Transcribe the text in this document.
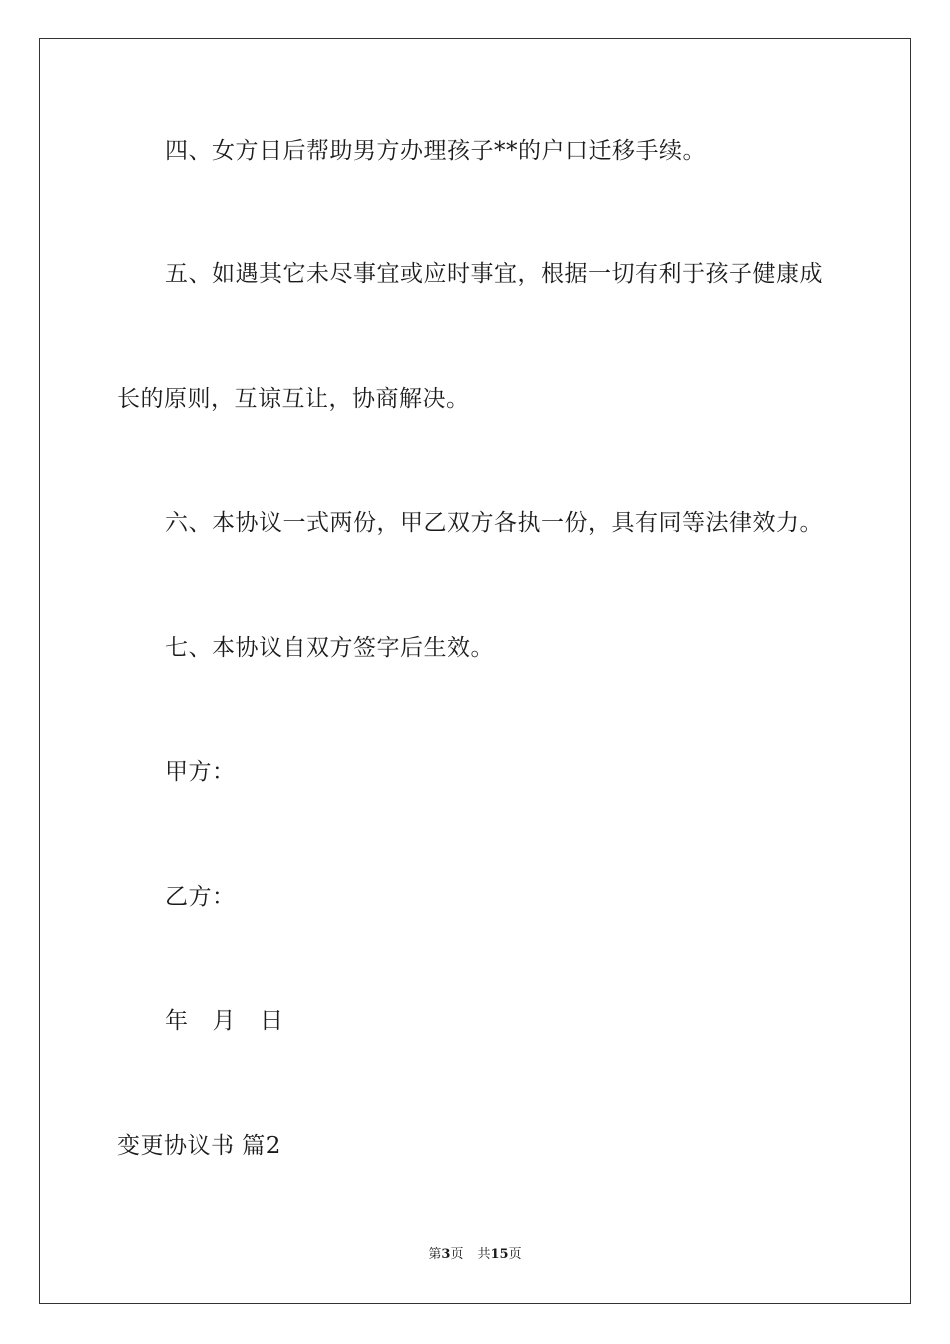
四、女方日后帮助男方办理孩子**的户口迁移手续。
五、如遇其它未尽事宜或应时事宜，根据一切有利于孩子健康成
长的原则，互谅互让，协商解决。
六、本协议一式两份，甲乙双方各执一份，具有同等法律效力。
七、本协议自双方签字后生效。
甲方：
乙方：
年 月 日
变更协议书 篇2
第3页 共15页
